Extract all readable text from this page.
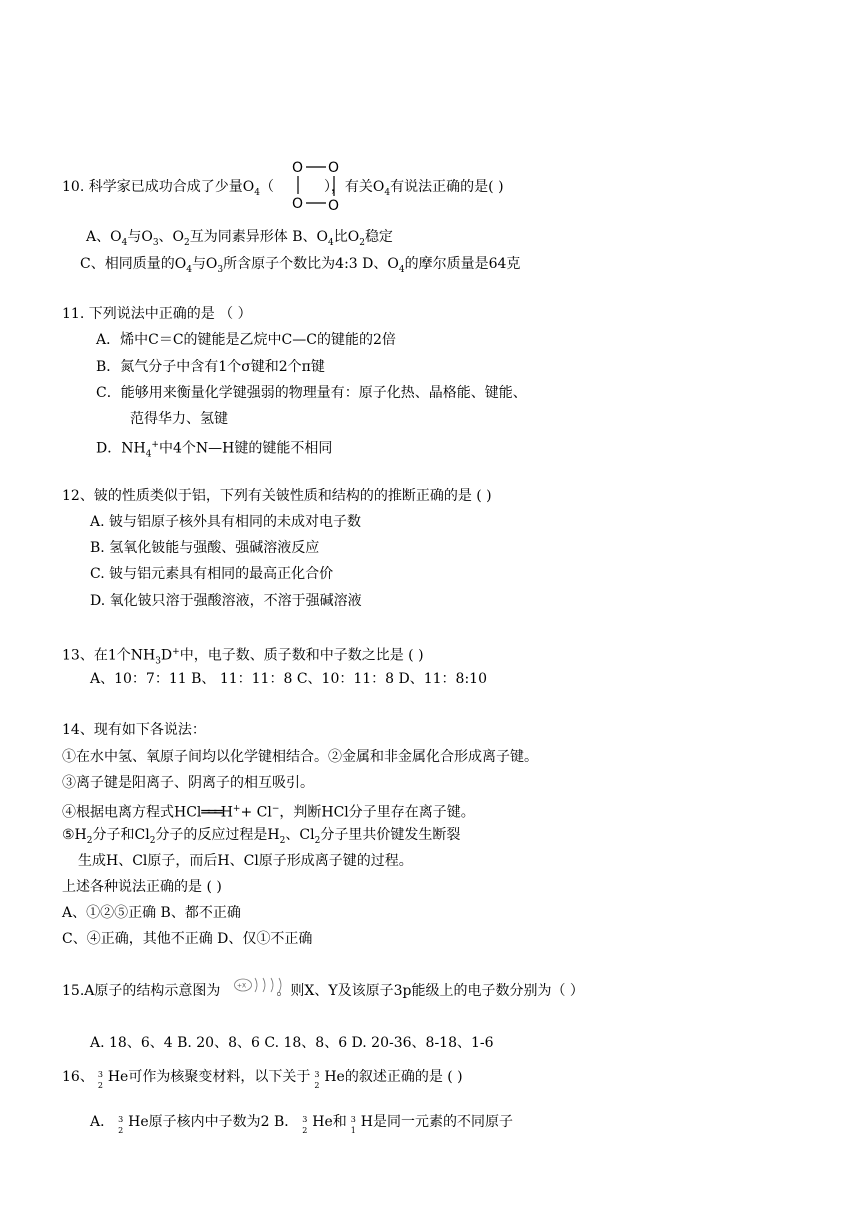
10. 科学家已成功合成了少量$O_4$（	），有关$O_4$有说法正确的是( )
O O
O O
A、$O_4$与$O_3$、$O_2$互为同素异形体 B、$O_4$比$O_2$稳定
C、相同质量的$O_4$与$O_3$所含原子个数比为4:3 D、$O_4$的摩尔质量是64克
11. 下列说法中正确的是 （ ）
A．烯中C＝C的键能是乙烷中C—C的键能的2倍
B．氮气分子中含有1个σ键和2个π键
C．能够用来衡量化学键强弱的物理量有：原子化热、晶格能、键能、
范得华力、氢键
D．$NH_4^+$中4个N—H键的键能不相同
12、铍的性质类似于铝，下列有关铍性质和结构的的推断正确的是 ( )
A. 铍与铝原子核外具有相同的未成对电子数
B. 氢氧化铍能与强酸、强碱溶液反应
C. 铍与铝元素具有相同的最高正化合价
D. 氧化铍只溶于强酸溶液，不溶于强碱溶液
13、在1个$NH_3D^+$中，电子数、质子数和中子数之比是 ( )
A、10：7：11 B、 11：11：8 C、10：11：8 D、11：8:10
14、现有如下各说法：
①在水中氢、氧原子间均以化学键相结合。②金属和非金属化合形成离子键。
③离子键是阳离子、阴离子的相互吸引。
④根据电离方程式HCl═══H++ Cl−，判断HCl分子里存在离子键。
$⑤H_2$分子和$Cl_2$分子的反应过程是$H_2$、$Cl_2$分子里共价键发生断裂
生成H、Cl原子，而后H、Cl原子形成离子键的过程。
上述各种说法正确的是 ( )
A、①②⑤正确 B、都不正确
C、④正确，其他不正确 D、仅①不正确
15.A原子的结构示意图为	。则X、Y及该原子3p能级上的电子数分别为（ ）
+X
A. 18、6、4 B. 20、8、6 C. 18、8、6 D. 20-36、8-18、1-6
16、 3
2
He可作为核聚变材料，以下关于 3
2
He的叙述正确的是 ( )
A． 3
2
He原子核内中子数为2 B． 3
2
He和 3
1
H是同一元素的不同原子
